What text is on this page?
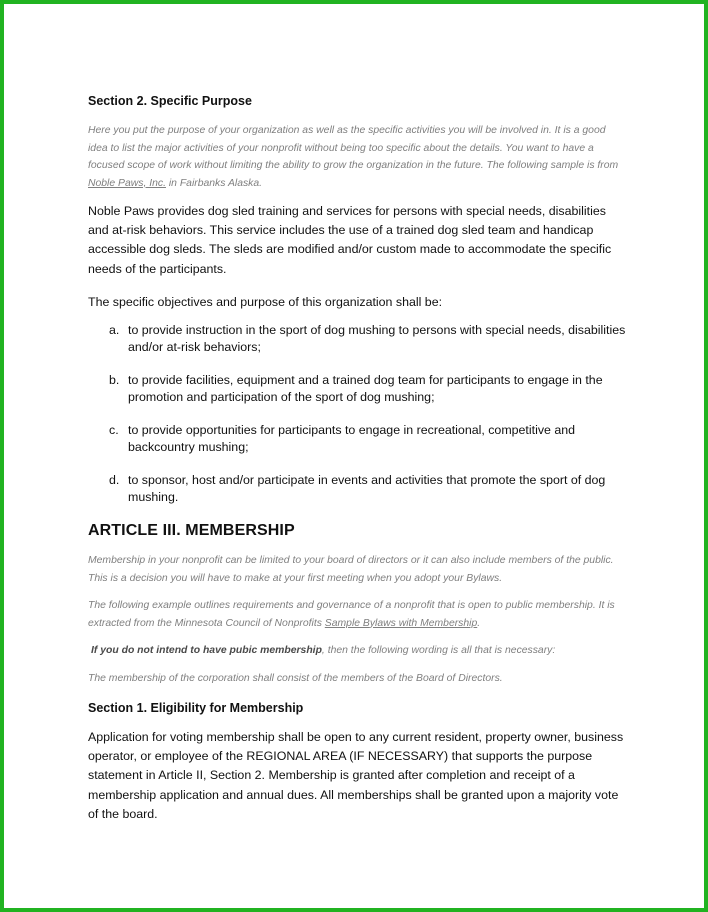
Section 2. Specific Purpose

Here you put the purpose of your organization as well as the specific activities you will be involved in. It is a good idea to list the major activities of your nonprofit without being too specific about the details. You want to have a focused scope of work without limiting the ability to grow the organization in the future. The following sample is from Noble Paws, Inc. in Fairbanks Alaska.

Noble Paws provides dog sled training and services for persons with special needs, disabilities and at-risk behaviors. This service includes the use of a trained dog sled team and handicap accessible dog sleds. The sleds are modified and/or custom made to accommodate the specific needs of the participants.

The specific objectives and purpose of this organization shall be:

a. to provide instruction in the sport of dog mushing to persons with special needs, disabilities and/or at-risk behaviors;
b. to provide facilities, equipment and a trained dog team for participants to engage in the promotion and participation of the sport of dog mushing;
c. to provide opportunities for participants to engage in recreational, competitive and backcountry mushing;
d. to sponsor, host and/or participate in events and activities that promote the sport of dog mushing.
ARTICLE III. MEMBERSHIP

Membership in your nonprofit can be limited to your board of directors or it can also include members of the public. This is a decision you will have to make at your first meeting when you adopt your Bylaws.

The following example outlines requirements and governance of a nonprofit that is open to public membership. It is extracted from the Minnesota Council of Nonprofits Sample Bylaws with Membership.

If you do not intend to have pubic membership, then the following wording is all that is necessary:

The membership of the corporation shall consist of the members of the Board of Directors.

Section 1. Eligibility for Membership

Application for voting membership shall be open to any current resident, property owner, business operator, or employee of the REGIONAL AREA (IF NECESSARY) that supports the purpose statement in Article II, Section 2. Membership is granted after completion and receipt of a membership application and annual dues. All memberships shall be granted upon a majority vote of the board.
